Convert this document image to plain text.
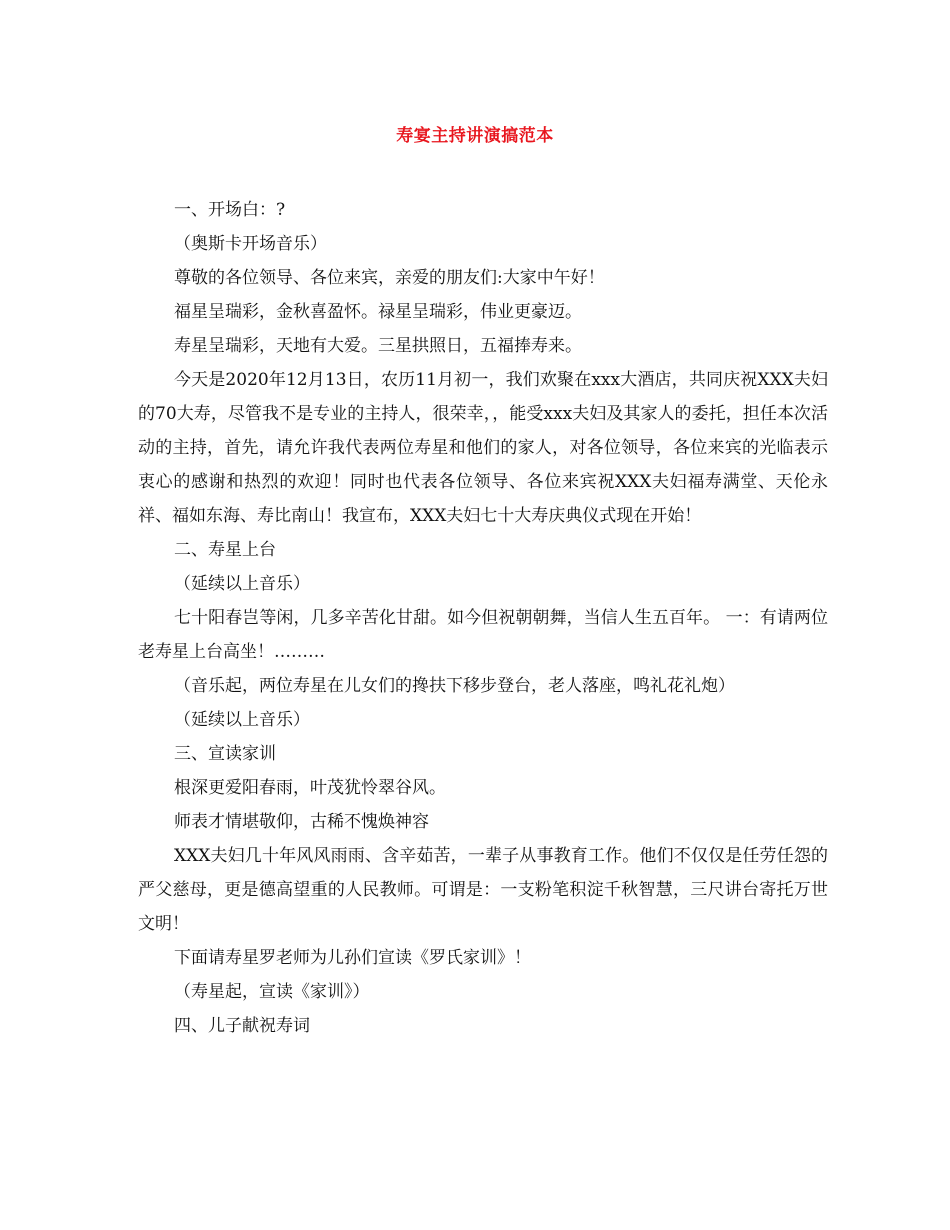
寿宴主持讲演搞范本

一、开场白：?

（奥斯卡开场音乐）

尊敬的各位领导、各位来宾，亲爱的朋友们:大家中午好！

福星呈瑞彩，金秋喜盈怀。禄星呈瑞彩，伟业更豪迈。

寿星呈瑞彩，天地有大爱。三星拱照日，五福捧寿来。

今天是2020年12月13日，农历11月初一，我们欢聚在xxx大酒店，共同庆祝XXX夫妇的70大寿，尽管我不是专业的主持人，很荣幸，，能受xxx夫妇及其家人的委托，担任本次活动的主持，首先，请允许我代表两位寿星和他们的家人，对各位领导，各位来宾的光临表示衷心的感谢和热烈的欢迎！同时也代表各位领导、各位来宾祝XXX夫妇福寿满堂、天伦永祥、福如东海、寿比南山！我宣布，XXX夫妇七十大寿庆典仪式现在开始！

二、寿星上台

（延续以上音乐）

七十阳春岂等闲，几多辛苦化甘甜。如今但祝朝朝舞，当信人生五百年。 一：有请两位老寿星上台高坐！………

（音乐起，两位寿星在儿女们的搀扶下移步登台，老人落座，鸣礼花礼炮）

（延续以上音乐）

三、宣读家训

根深更爱阳春雨，叶茂犹怜翠谷风。

师表才情堪敬仰，古稀不愧焕神容

XXX夫妇几十年风风雨雨、含辛茹苦，一辈子从事教育工作。他们不仅仅是任劳任怨的严父慈母，更是德高望重的人民教师。可谓是：一支粉笔积淀千秋智慧，三尺讲台寄托万世文明！

下面请寿星罗老师为儿孙们宣读《罗氏家训》！

（寿星起，宣读《家训》）

四、儿子献祝寿词
